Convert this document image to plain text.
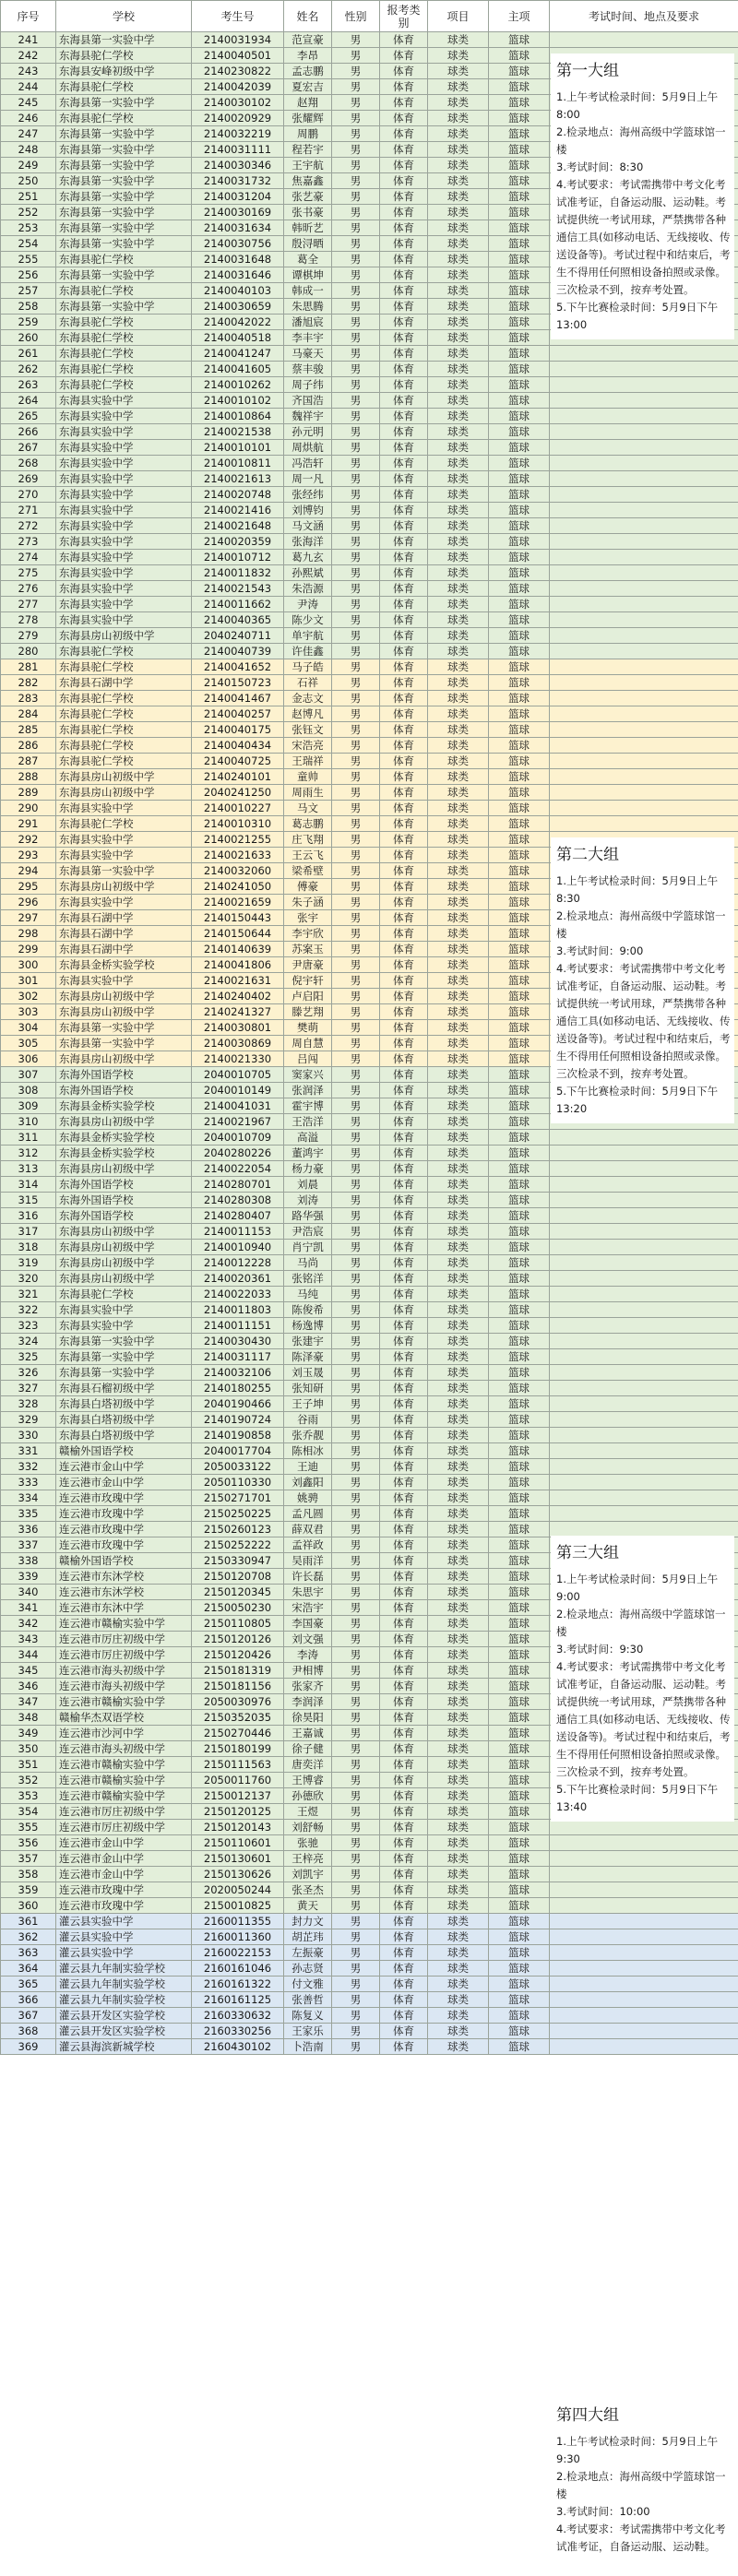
序号	学校	考生号	姓名	性别	报考类别	项目	主项	考试时间、地点及要求
241	东海县第一实验中学	2140031934	范宣豪	男	体育	球类	篮球	
242	东海县驼仁学校	2140040501	李昂	男	体育	球类	篮球	
243	东海县安峰初级中学	2140230822	孟志鹏	男	体育	球类	篮球	
244	东海县驼仁学校	2140042039	夏宏吉	男	体育	球类	篮球	
245	东海县第一实验中学	2140030102	赵翔	男	体育	球类	篮球	
246	东海县驼仁学校	2140020929	张耀辉	男	体育	球类	篮球	
247	东海县第一实验中学	2140032219	周鹏	男	体育	球类	篮球	
248	东海县第一实验中学	2140031111	程若宇	男	体育	球类	篮球	
249	东海县第一实验中学	2140030346	王宇航	男	体育	球类	篮球	
250	东海县第一实验中学	2140031732	焦嘉鑫	男	体育	球类	篮球	
251	东海县第一实验中学	2140031204	张艺豪	男	体育	球类	篮球	
252	东海县第一实验中学	2140030169	张书豪	男	体育	球类	篮球	
253	东海县第一实验中学	2140031634	韩昕艺	男	体育	球类	篮球	
254	东海县第一实验中学	2140030756	殷浔晒	男	体育	球类	篮球	
255	东海县驼仁学校	2140031648	葛全	男	体育	球类	篮球	
256	东海县第一实验中学	2140031646	谭棋坤	男	体育	球类	篮球	
257	东海县驼仁学校	2140040103	韩成一	男	体育	球类	篮球	
258	东海县第一实验中学	2140030659	朱思腾	男	体育	球类	篮球	
259	东海县驼仁学校	2140042022	潘旭宸	男	体育	球类	篮球	
260	东海县驼仁学校	2140040518	李丰宇	男	体育	球类	篮球	
261	东海县驼仁学校	2140041247	马豪天	男	体育	球类	篮球	
262	东海县驼仁学校	2140041605	蔡丰骏	男	体育	球类	篮球	
263	东海县驼仁学校	2140010262	周子纬	男	体育	球类	篮球	
264	东海县实验中学	2140010102	齐国浩	男	体育	球类	篮球	
265	东海县实验中学	2140010864	魏祥宇	男	体育	球类	篮球	
266	东海县实验中学	2140021538	孙元明	男	体育	球类	篮球	
267	东海县实验中学	2140010101	周烘航	男	体育	球类	篮球	
268	东海县实验中学	2140010811	冯浩轩	男	体育	球类	篮球	
269	东海县实验中学	2140021613	周一凡	男	体育	球类	篮球	
270	东海县实验中学	2140020748	张经纬	男	体育	球类	篮球	
271	东海县实验中学	2140021416	刘博钧	男	体育	球类	篮球	
272	东海县实验中学	2140021648	马文涵	男	体育	球类	篮球	
273	东海县实验中学	2140020359	张海洋	男	体育	球类	篮球	
274	东海县实验中学	2140010712	葛九玄	男	体育	球类	篮球	
275	东海县实验中学	2140011832	孙熙斌	男	体育	球类	篮球	
276	东海县实验中学	2140021543	朱浩源	男	体育	球类	篮球	
277	东海县实验中学	2140011662	尹涛	男	体育	球类	篮球	
278	东海县实验中学	2140040365	陈少文	男	体育	球类	篮球	
279	东海县房山初级中学	2040240711	单宇航	男	体育	球类	篮球	
280	东海县驼仁学校	2140040739	许佳鑫	男	体育	球类	篮球	
281	东海县驼仁学校	2140041652	马子皓	男	体育	球类	篮球	
282	东海县石湖中学	2140150723	石祥	男	体育	球类	篮球	
283	东海县驼仁学校	2140041467	金志文	男	体育	球类	篮球	
284	东海县驼仁学校	2140040257	赵博凡	男	体育	球类	篮球	
285	东海县驼仁学校	2140040175	张钰文	男	体育	球类	篮球	
286	东海县驼仁学校	2140040434	宋浩亮	男	体育	球类	篮球	
287	东海县驼仁学校	2140040725	王瑞祥	男	体育	球类	篮球	
288	东海县房山初级中学	2140240101	童帅	男	体育	球类	篮球	
289	东海县房山初级中学	2040241250	周雨生	男	体育	球类	篮球	
290	东海县实验中学	2140010227	马文	男	体育	球类	篮球	
291	东海县驼仁学校	2140010310	葛志鹏	男	体育	球类	篮球	
292	东海县实验中学	2140021255	庄飞翔	男	体育	球类	篮球	
293	东海县实验中学	2140021633	王云飞	男	体育	球类	篮球	
294	东海县第一实验中学	2140032060	梁希壁	男	体育	球类	篮球	
295	东海县房山初级中学	2140241050	傅豪	男	体育	球类	篮球	
296	东海县实验中学	2140021659	朱子涵	男	体育	球类	篮球	
297	东海县石湖中学	2140150443	张宇	男	体育	球类	篮球	
298	东海县石湖中学	2140150644	李宇欣	男	体育	球类	篮球	
299	东海县石湖中学	2140140639	苏案玉	男	体育	球类	篮球	
300	东海县金桥实验学校	2140041806	尹唐豪	男	体育	球类	篮球	
301	东海县实验中学	2140021631	倪宇轩	男	体育	球类	篮球	
302	东海县房山初级中学	2140240402	卢启阳	男	体育	球类	篮球	
303	东海县房山初级中学	2140241327	滕艺翔	男	体育	球类	篮球	
304	东海县第一实验中学	2140030801	樊萌	男	体育	球类	篮球	
305	东海县第一实验中学	2140030869	周自慧	男	体育	球类	篮球	
306	东海县房山初级中学	2140021330	吕闯	男	体育	球类	篮球	
307	东海外国语学校	2040010705	窦家兴	男	体育	球类	篮球	
308	东海外国语学校	2040010149	张润泽	男	体育	球类	篮球	
309	东海县金桥实验学校	2140041031	霍宇博	男	体育	球类	篮球	
310	东海县房山初级中学	2140021967	王浩洋	男	体育	球类	篮球	
311	东海县金桥实验学校	2040010709	高溢	男	体育	球类	篮球	
312	东海县金桥实验学校	2040280226	董鸿宇	男	体育	球类	篮球	
313	东海县房山初级中学	2140022054	杨力豪	男	体育	球类	篮球	
314	东海外国语学校	2140280701	刘晨	男	体育	球类	篮球	
315	东海外国语学校	2140280308	刘涛	男	体育	球类	篮球	
316	东海外国语学校	2140280407	路华强	男	体育	球类	篮球	
317	东海县房山初级中学	2140011153	尹浩宸	男	体育	球类	篮球	
318	东海县房山初级中学	2140010940	肖宁凯	男	体育	球类	篮球	
319	东海县房山初级中学	2140012228	马尚	男	体育	球类	篮球	
320	东海县房山初级中学	2140020361	张铭洋	男	体育	球类	篮球	
321	东海县驼仁学校	2140022033	马纯	男	体育	球类	篮球	
322	东海县实验中学	2140011803	陈俊希	男	体育	球类	篮球	
323	东海县实验中学	2140011151	杨逸博	男	体育	球类	篮球	
324	东海县第一实验中学	2140030430	张建宇	男	体育	球类	篮球	
325	东海县第一实验中学	2140031117	陈泽豪	男	体育	球类	篮球	
326	东海县第一实验中学	2140032106	刘玉晟	男	体育	球类	篮球	
327	东海县石榴初级中学	2140180255	张知研	男	体育	球类	篮球	
328	东海县白塔初级中学	2040190466	王子坤	男	体育	球类	篮球	
329	东海县白塔初级中学	2140190724	谷雨	男	体育	球类	篮球	
330	东海县白塔初级中学	2140190858	张乔靓	男	体育	球类	篮球	
331	赣榆外国语学校	2040017704	陈相冰	男	体育	球类	篮球	
332	连云港市金山中学	2050033122	王迪	男	体育	球类	篮球	
333	连云港市金山中学	2050110330	刘鑫阳	男	体育	球类	篮球	
334	连云港市玫瑰中学	2150271701	姚骋	男	体育	球类	篮球	
335	连云港市玫瑰中学	2150250225	孟凡圆	男	体育	球类	篮球	
336	连云港市玫瑰中学	2150260123	薛双君	男	体育	球类	篮球	
337	连云港市玫瑰中学	2150252222	孟祥政	男	体育	球类	篮球	
338	赣榆外国语学校	2150330947	吴雨洋	男	体育	球类	篮球	
339	连云港市东沐学校	2150120708	许长磊	男	体育	球类	篮球	
340	连云港市东沐学校	2150120345	朱思宇	男	体育	球类	篮球	
341	连云港市东沐中学	2150050230	宋浩宇	男	体育	球类	篮球	
342	连云港市赣榆实验中学	2150110805	李国豪	男	体育	球类	篮球	
343	连云港市厉庄初级中学	2150120126	刘文强	男	体育	球类	篮球	
344	连云港市厉庄初级中学	2150120426	李涛	男	体育	球类	篮球	
345	连云港市海头初级中学	2150181319	尹相博	男	体育	球类	篮球	
346	连云港市海头初级中学	2150181156	张家齐	男	体育	球类	篮球	
347	连云港市赣榆实验中学	2050030976	李润泽	男	体育	球类	篮球	
348	赣榆华杰双语学校	2150352035	徐昊阳	男	体育	球类	篮球	
349	连云港市沙河中学	2150270446	王嘉诚	男	体育	球类	篮球	
350	连云港市海头初级中学	2150180199	徐子健	男	体育	球类	篮球	
351	连云港市赣榆实验中学	2150111563	唐奕洋	男	体育	球类	篮球	
352	连云港市赣榆实验中学	2050011760	王博睿	男	体育	球类	篮球	
353	连云港市赣榆实验中学	2150012137	孙德欣	男	体育	球类	篮球	
354	连云港市厉庄初级中学	2150120125	王煜	男	体育	球类	篮球	
355	连云港市厉庄初级中学	2150120143	刘舒畅	男	体育	球类	篮球	
356	连云港市金山中学	2150110601	张驰	男	体育	球类	篮球	
357	连云港市金山中学	2150130601	王梓亮	男	体育	球类	篮球	
358	连云港市金山中学	2150130626	刘凯宇	男	体育	球类	篮球	
359	连云港市玫瑰中学	2020050244	张圣杰	男	体育	球类	篮球	
360	连云港市玫瑰中学	2150010825	黄天	男	体育	球类	篮球	
361	灌云县实验中学	2160011355	封力文	男	体育	球类	篮球	
362	灌云县实验中学	2160011360	胡芷玮	男	体育	球类	篮球	
363	灌云县实验中学	2160022153	左振豪	男	体育	球类	篮球	
364	灌云县九年制实验学校	2160161046	孙志贤	男	体育	球类	篮球	
365	灌云县九年制实验学校	2160161322	付文雅	男	体育	球类	篮球	
366	灌云县九年制实验学校	2160161125	张善哲	男	体育	球类	篮球	
367	灌云县开发区实验学校	2160330632	陈复义	男	体育	球类	篮球	
368	灌云县开发区实验学校	2160330256	王家乐	男	体育	球类	篮球	
369	灌云县海滨新城学校	2160430102	卜浩南	男	体育	球类	篮球	
第一大组
1.上午考试检录时间：5月9日上午8:00
2.检录地点：海州高级中学篮球馆一楼
3.考试时间：8:30
4.考试要求：考试需携带中考文化考试准考证，自备运动服、运动鞋。考试提供统一考试用球，严禁携带各种通信工具(如移动电话、无线接收、传送设备等)。考试过程中和结束后，考生不得用任何照相设备拍照或录像。三次检录不到，按弃考处置。
5.下午比赛检录时间：5月9日下午13:00
第二大组
1.上午考试检录时间：5月9日上午8:30
2.检录地点：海州高级中学篮球馆一楼
3.考试时间：9:00
4.考试要求：考试需携带中考文化考试准考证，自备运动服、运动鞋。考试提供统一考试用球，严禁携带各种通信工具(如移动电话、无线接收、传送设备等)。考试过程中和结束后，考生不得用任何照相设备拍照或录像。三次检录不到，按弃考处置。
5.下午比赛检录时间：5月9日下午13:20
第三大组
1.上午考试检录时间：5月9日上午9:00
2.检录地点：海州高级中学篮球馆一楼
3.考试时间：9:30
4.考试要求：考试需携带中考文化考试准考证，自备运动服、运动鞋。考试提供统一考试用球，严禁携带各种通信工具(如移动电话、无线接收、传送设备等)。考试过程中和结束后，考生不得用任何照相设备拍照或录像。三次检录不到，按弃考处置。
5.下午比赛检录时间：5月9日下午13:40
第四大组
1.上午考试检录时间：5月9日上午9:30
2.检录地点：海州高级中学篮球馆一楼
3.考试时间：10:00
4.考试要求：考试需携带中考文化考试准考证，自备运动服、运动鞋。
